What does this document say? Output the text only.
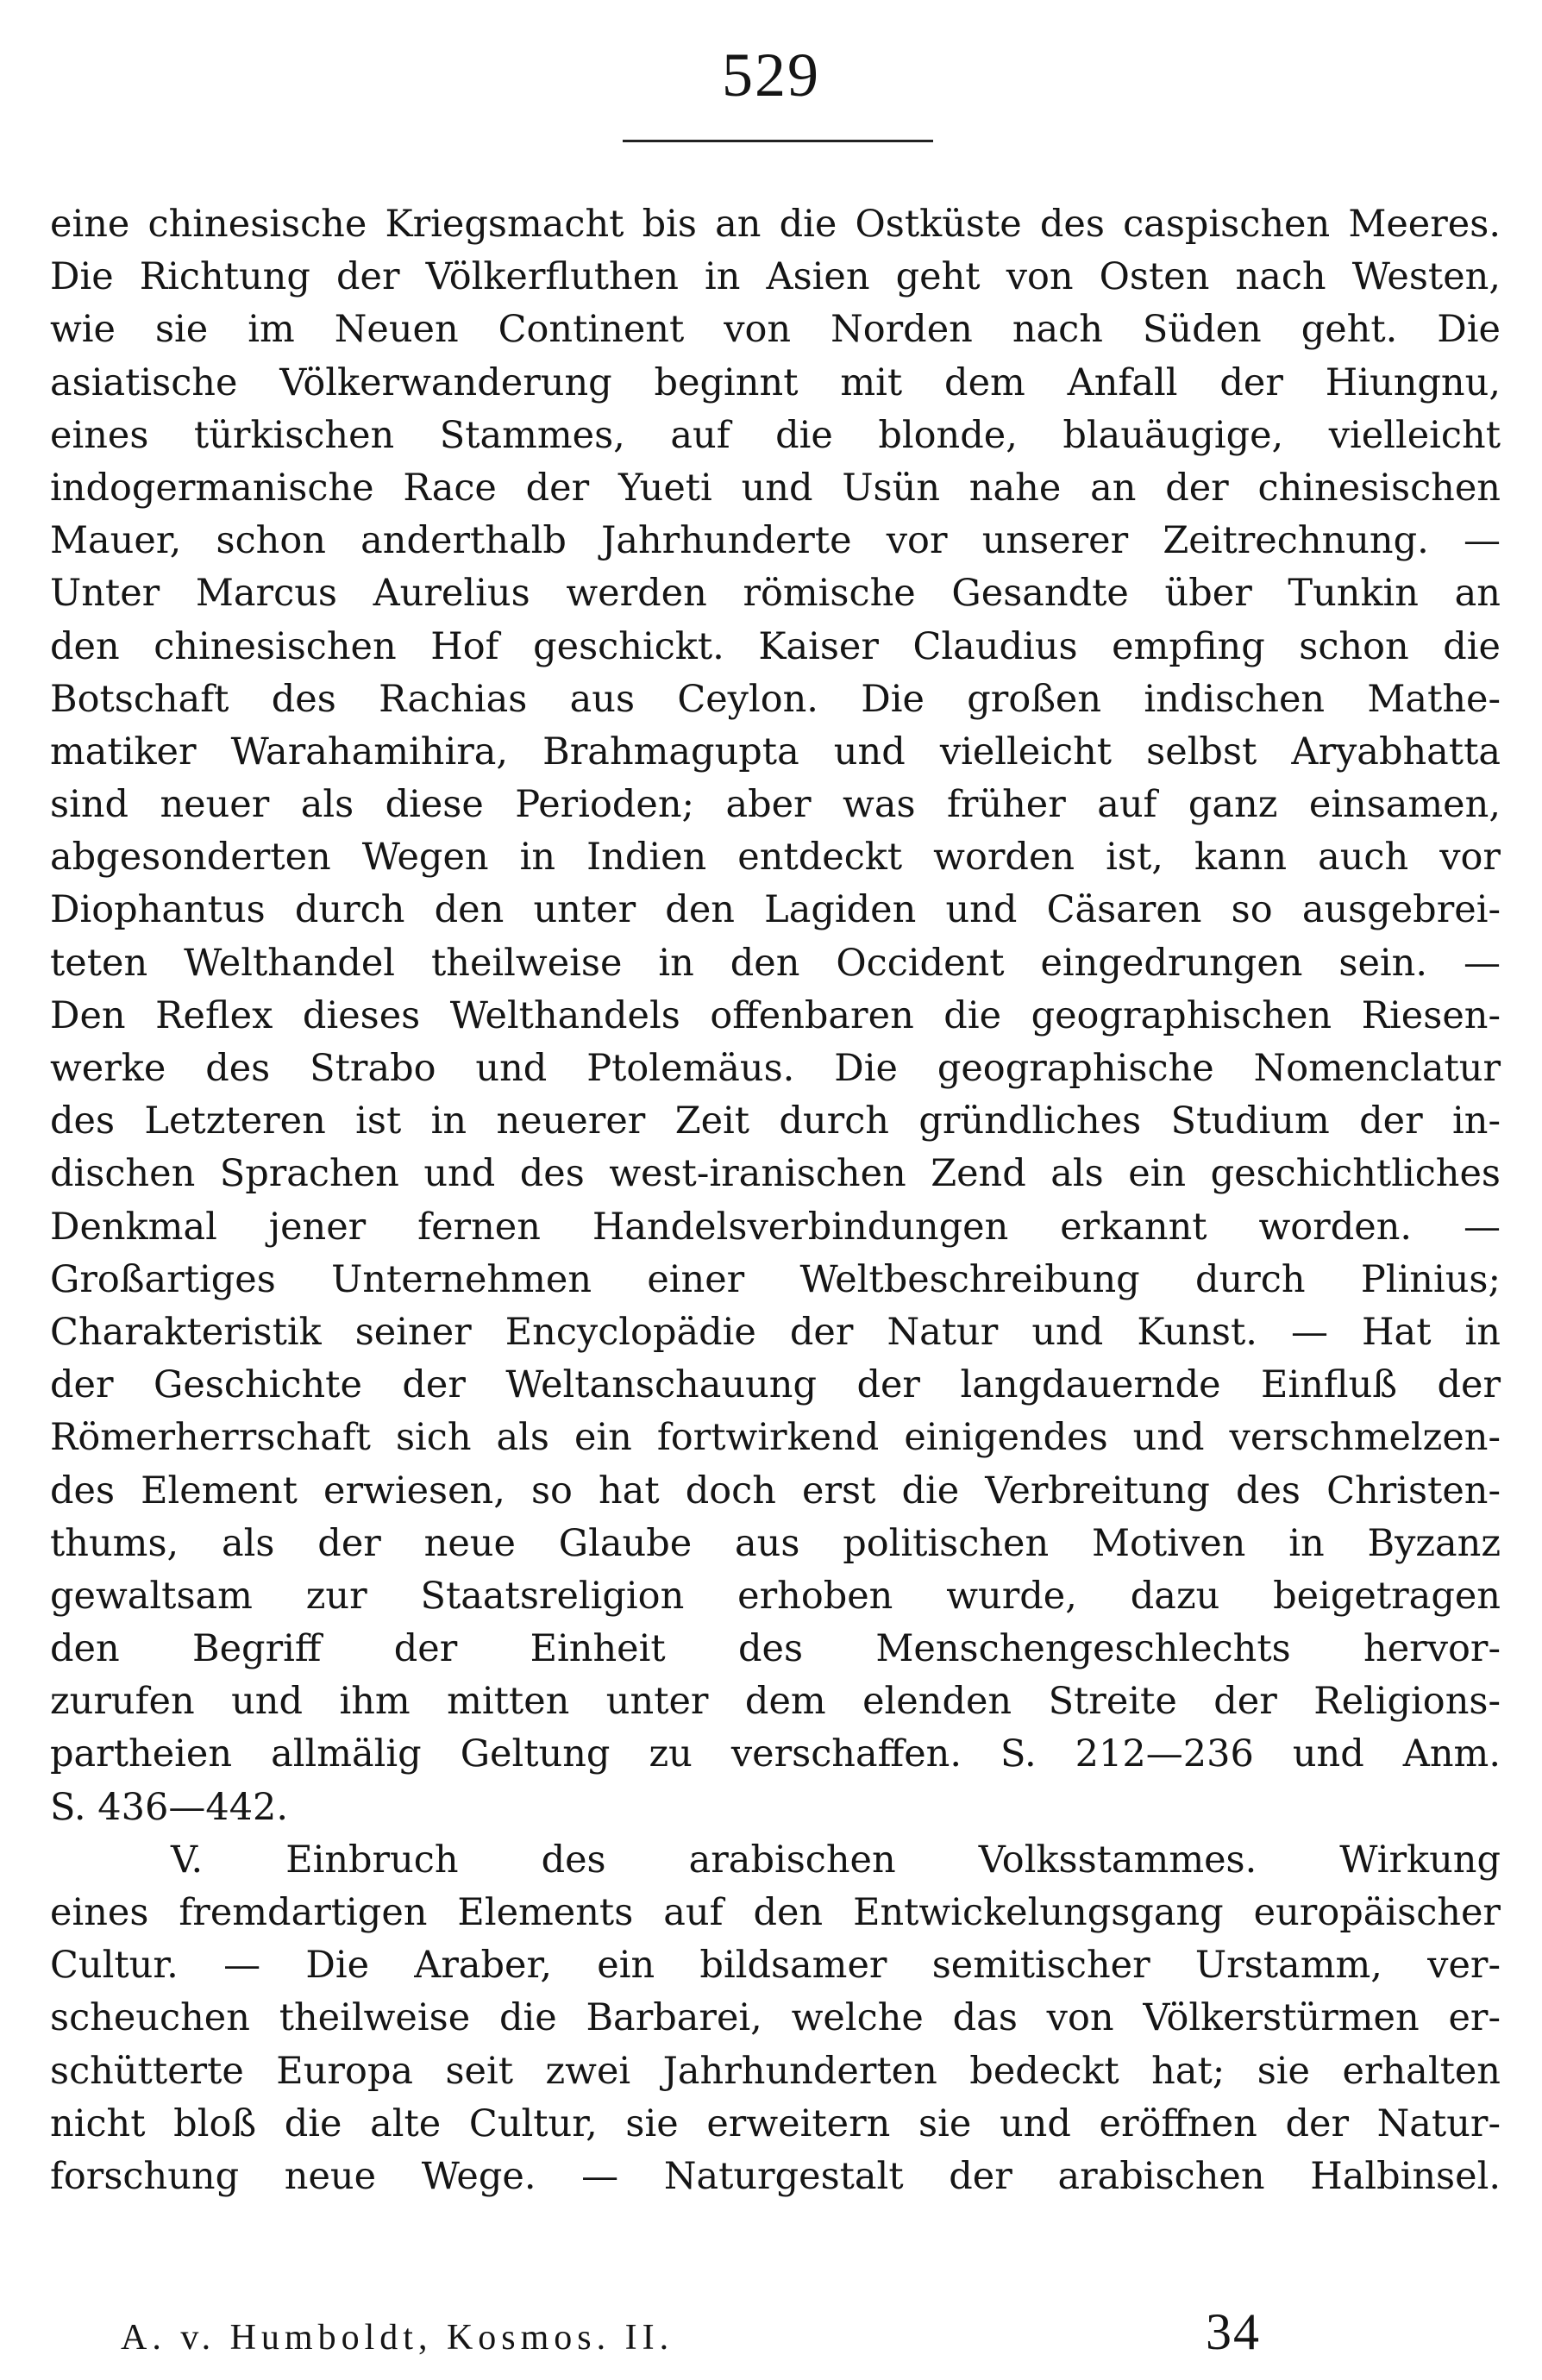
529
eine chinesische Kriegsmacht bis an die Ostküste des caspischen Meeres.
Die Richtung der Völkerfluthen in Asien geht von Osten nach Westen,
wie sie im Neuen Continent von Norden nach Süden geht. Die
asiatische Völkerwanderung beginnt mit dem Anfall der Hiungnu,
eines türkischen Stammes, auf die blonde, blauäugige, vielleicht
indogermanische Race der Yueti und Usün nahe an der chinesischen
Mauer, schon anderthalb Jahrhunderte vor unserer Zeitrechnung. —
Unter Marcus Aurelius werden römische Gesandte über Tunkin an
den chinesischen Hof geschickt. Kaiser Claudius empfing schon die
Botschaft des Rachias aus Ceylon. Die großen indischen Mathe-
matiker Warahamihira, Brahmagupta und vielleicht selbst Aryabhatta
sind neuer als diese Perioden; aber was früher auf ganz einsamen,
abgesonderten Wegen in Indien entdeckt worden ist, kann auch vor
Diophantus durch den unter den Lagiden und Cäsaren so ausgebrei-
teten Welthandel theilweise in den Occident eingedrungen sein. —
Den Reflex dieses Welthandels offenbaren die geographischen Riesen-
werke des Strabo und Ptolemäus. Die geographische Nomenclatur
des Letzteren ist in neuerer Zeit durch gründliches Studium der in-
dischen Sprachen und des west-iranischen Zend als ein geschichtliches
Denkmal jener fernen Handelsverbindungen erkannt worden. —
Großartiges Unternehmen einer Weltbeschreibung durch Plinius;
Charakteristik seiner Encyclopädie der Natur und Kunst. — Hat in
der Geschichte der Weltanschauung der langdauernde Einfluß der
Römerherrschaft sich als ein fortwirkend einigendes und verschmelzen-
des Element erwiesen, so hat doch erst die Verbreitung des Christen-
thums, als der neue Glaube aus politischen Motiven in Byzanz
gewaltsam zur Staatsreligion erhoben wurde, dazu beigetragen
den Begriff der Einheit des Menschengeschlechts hervor-
zurufen und ihm mitten unter dem elenden Streite der Religions-
partheien allmälig Geltung zu verschaffen. S. 212—236 und Anm.
S. 436—442.
V. Einbruch des arabischen Volksstammes. Wirkung
eines fremdartigen Elements auf den Entwickelungsgang europäischer
Cultur. — Die Araber, ein bildsamer semitischer Urstamm, ver-
scheuchen theilweise die Barbarei, welche das von Völkerstürmen er-
schütterte Europa seit zwei Jahrhunderten bedeckt hat; sie erhalten
nicht bloß die alte Cultur, sie erweitern sie und eröffnen der Natur-
forschung neue Wege. — Naturgestalt der arabischen Halbinsel.
A. v. Humboldt, Kosmos. II.	34
